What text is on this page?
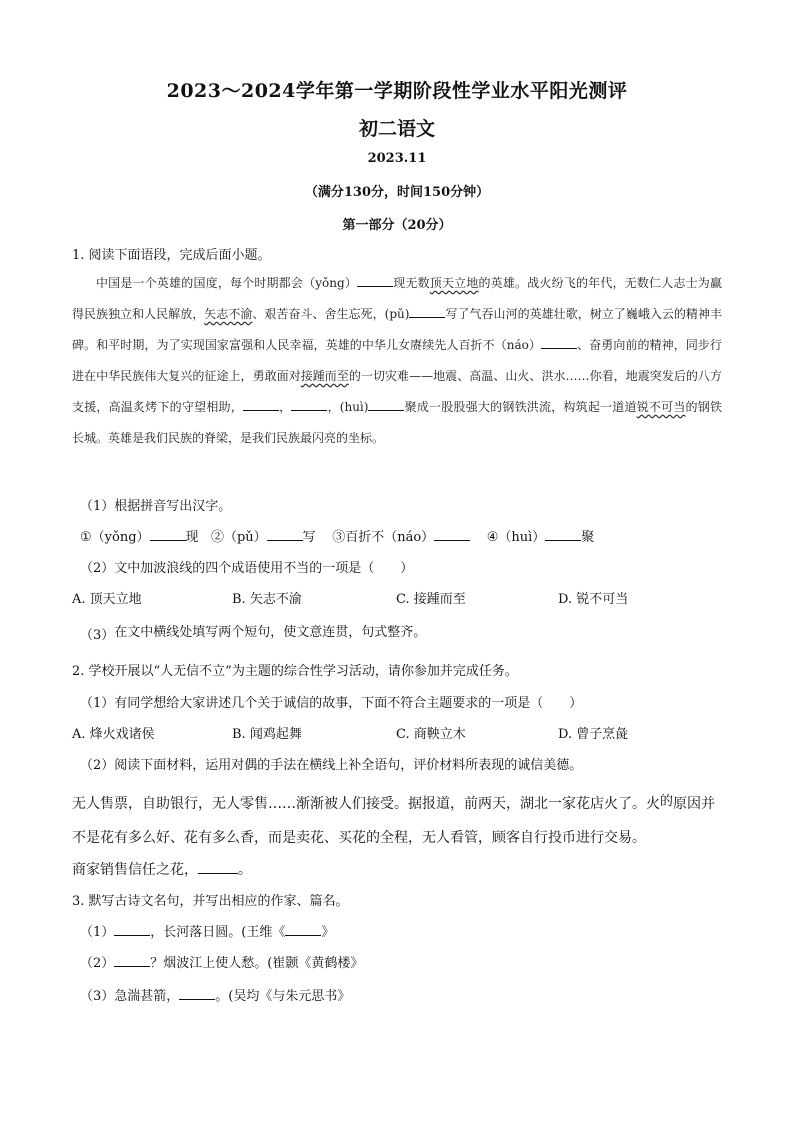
2023～2024学年第一学期阶段性学业水平阳光测评
初二语文
2023.11
（满分130分，时间150分钟）
第一部分（20分）
1. 阅读下面语段，完成后面小题。
中国是一个英雄的国度，每个时期都会（yǒng）	现无数顶天立地的英雄。战火纷飞的年代，无数仁人志士为赢得民族独立和人民解放，矢志不渝、艰苦奋斗、舍生忘死，(pǔ)	写了气吞山河的英雄壮歌，树立了巍峨入云的精神丰碑。和平时期，为了实现国家富强和人民幸福，英雄的中华儿女赓续先人百折不（náo）	、奋勇向前的精神，同步行进在中华民族伟大复兴的征途上，勇敢面对接踵而至的一切灾难——地震、高温、山火、洪水……你看，地震突发后的八方支援，高温炙烤下的守望相助，	，	，(huì)	聚成一股股强大的钢铁洪流，构筑起一道道锐不可当的钢铁长城。英雄是我们民族的脊梁，是我们民族最闪亮的坐标。
（1）根据拼音写出汉字。
①（yǒng）	现 ②（pǔ）	写 ③百折不（náo）	④（huì）	聚
（2）文中加波浪线的四个成语使用不当的一项是（　　）
A. 顶天立地	B. 矢志不渝	C. 接踵而至	D. 锐不可当
（3）在文中横线处填写两个短句，使文意连贯，句式整齐。
2. 学校开展以“人无信不立”为主题的综合性学习活动，请你参加并完成任务。
（1）有同学想给大家讲述几个关于诚信的故事，下面不符合主题要求的一项是（　　）
A. 烽火戏诸侯	B. 闻鸡起舞	C. 商鞅立木	D. 曾子烹彘
（2）阅读下面材料，运用对偶的手法在横线上补全语句，评价材料所表现的诚信美德。
无人售票，自助银行，无人零售……渐渐被人们接受。据报道，前两天，湖北一家花店火了。火的原因并
不是花有多么好、花有多么香，而是卖花、买花的全程，无人看管，顾客自行投币进行交易。
商家销售信任之花，	。
3. 默写古诗文名句，并写出相应的作家、篇名。
（1）	，长河落日圆。(王维《	》
（2）	？烟波江上使人愁。(崔颢《黄鹤楼》
（3）急湍甚箭，	。(吴均《与朱元思书》
